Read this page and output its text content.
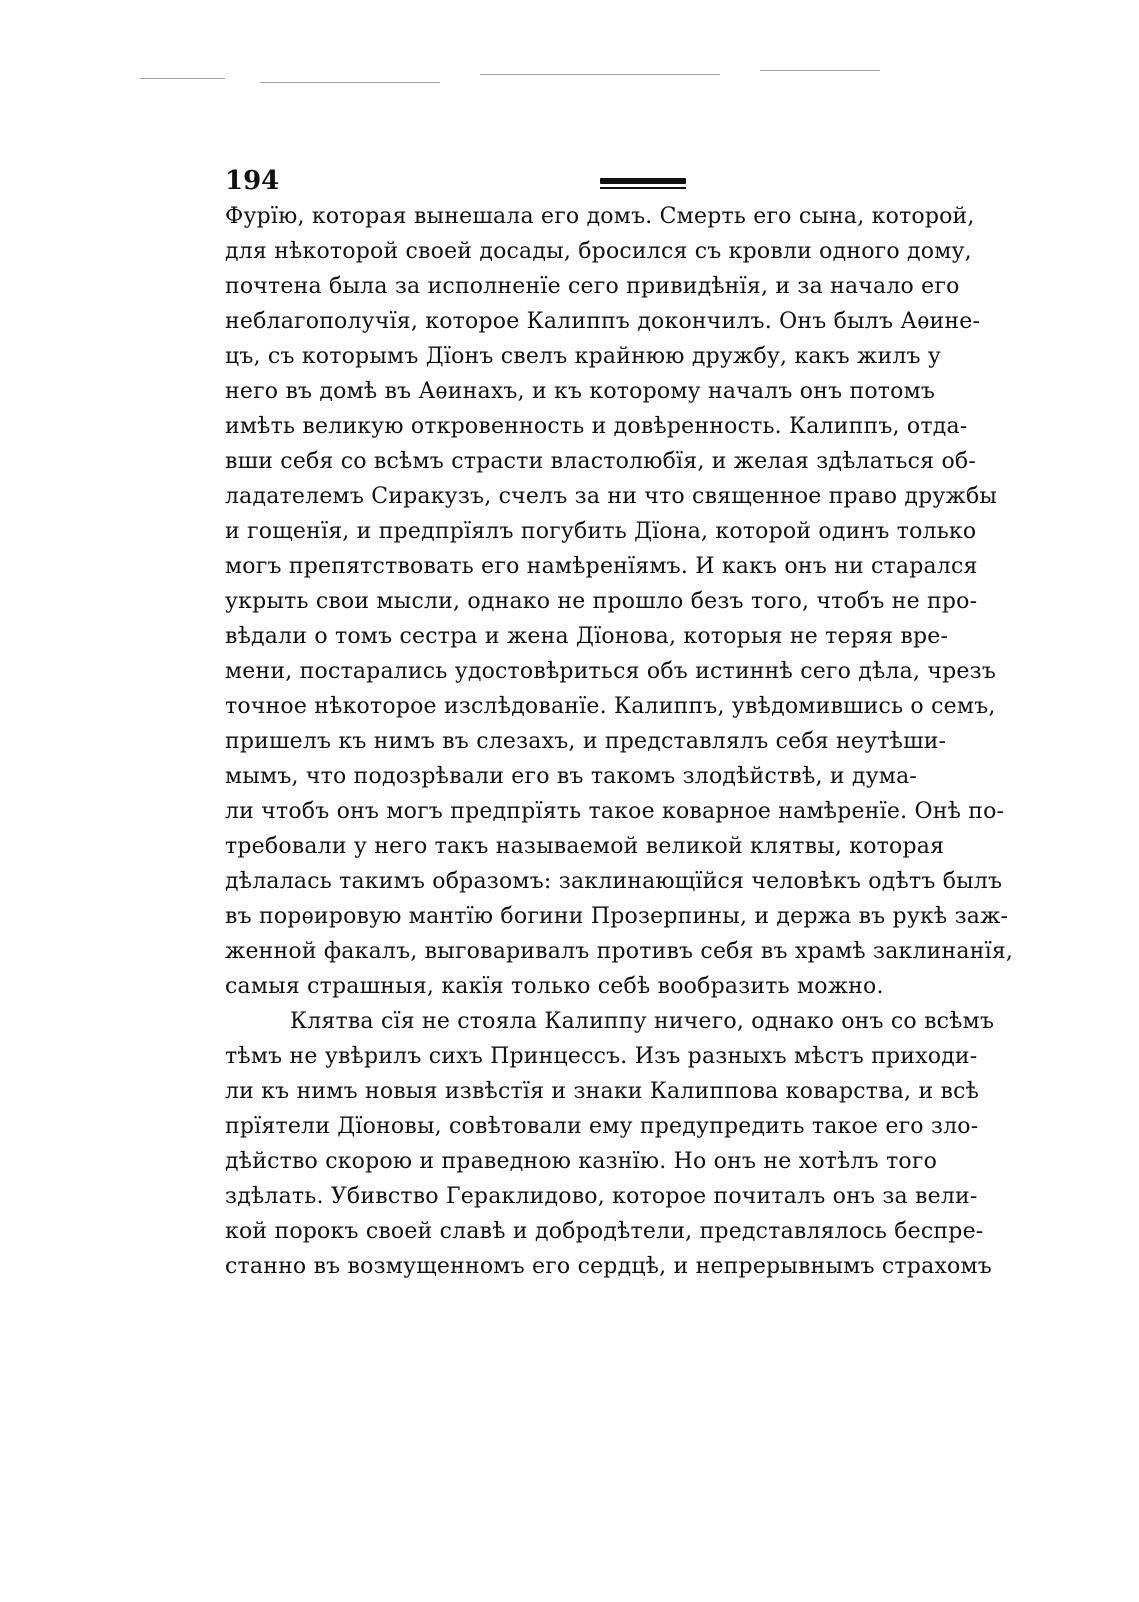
194
Фурїю, которая вынешала его домъ. Смерть его сына, которой,
для нѣкоторой своей досады, бросился съ кровли одного дому,
почтена была за исполненїе сего привидѣнїя, и за начало его
неблагополучїя, которое Калиппъ докончилъ. Онъ былъ Аѳине-
цъ, съ которымъ Дїонъ свелъ крайнюю дружбу, какъ жилъ у
него въ домѣ въ Аѳинахъ, и къ которому началъ онъ потомъ
имѣть великую откровенность и довѣренность. Калиппъ, отда-
вши себя со всѣмъ страсти властолюбїя, и желая здѣлаться об-
ладателемъ Сиракузъ, счелъ за ни что священное право дружбы
и гощенїя, и предпрїялъ погубить Дїона, которой одинъ только
могъ препятствовать его намѣренїямъ. И какъ онъ ни старался
укрыть свои мысли, однако не прошло безъ того, чтобъ не про-
вѣдали о томъ сестра и жена Дїонова, которыя не теряя вре-
мени, постарались удостовѣриться объ истиннѣ сего дѣла, чрезъ
точное нѣкоторое изслѣдованїе. Калиппъ, увѣдомившись о семъ,
пришелъ къ нимъ въ слезахъ, и представлялъ себя неутѣши-
мымъ, что подозрѣвали его въ такомъ злодѣйствѣ, и дума-
ли чтобъ онъ могъ предпрїять такое коварное намѣренїе. Онѣ по-
требовали у него такъ называемой великой клятвы, которая
дѣлалась такимъ образомъ: заклинающїйся человѣкъ одѣтъ былъ
въ порѳировую мантїю богини Прозерпины, и держа въ рукѣ заж-
женной факалъ, выговаривалъ противъ себя въ храмѣ заклинанїя,
самыя страшныя, какїя только себѣ вообразить можно.
Клятва сїя не стояла Калиппу ничего, однако онъ со всѣмъ
тѣмъ не увѣрилъ сихъ Принцессъ. Изъ разныхъ мѣстъ приходи-
ли къ нимъ новыя извѣстїя и знаки Калиппова коварства, и всѣ
прїятели Дїоновы, совѣтовали ему предупредить такое его зло-
дѣйство скорою и праведною казнїю. Но онъ не хотѣлъ того
здѣлать. Убивство Гераклидово, которое почиталъ онъ за вели-
кой порокъ своей славѣ и добродѣтели, представлялось беспре-
станно въ возмущенномъ его сердцѣ, и непрерывнымъ страхомъ
